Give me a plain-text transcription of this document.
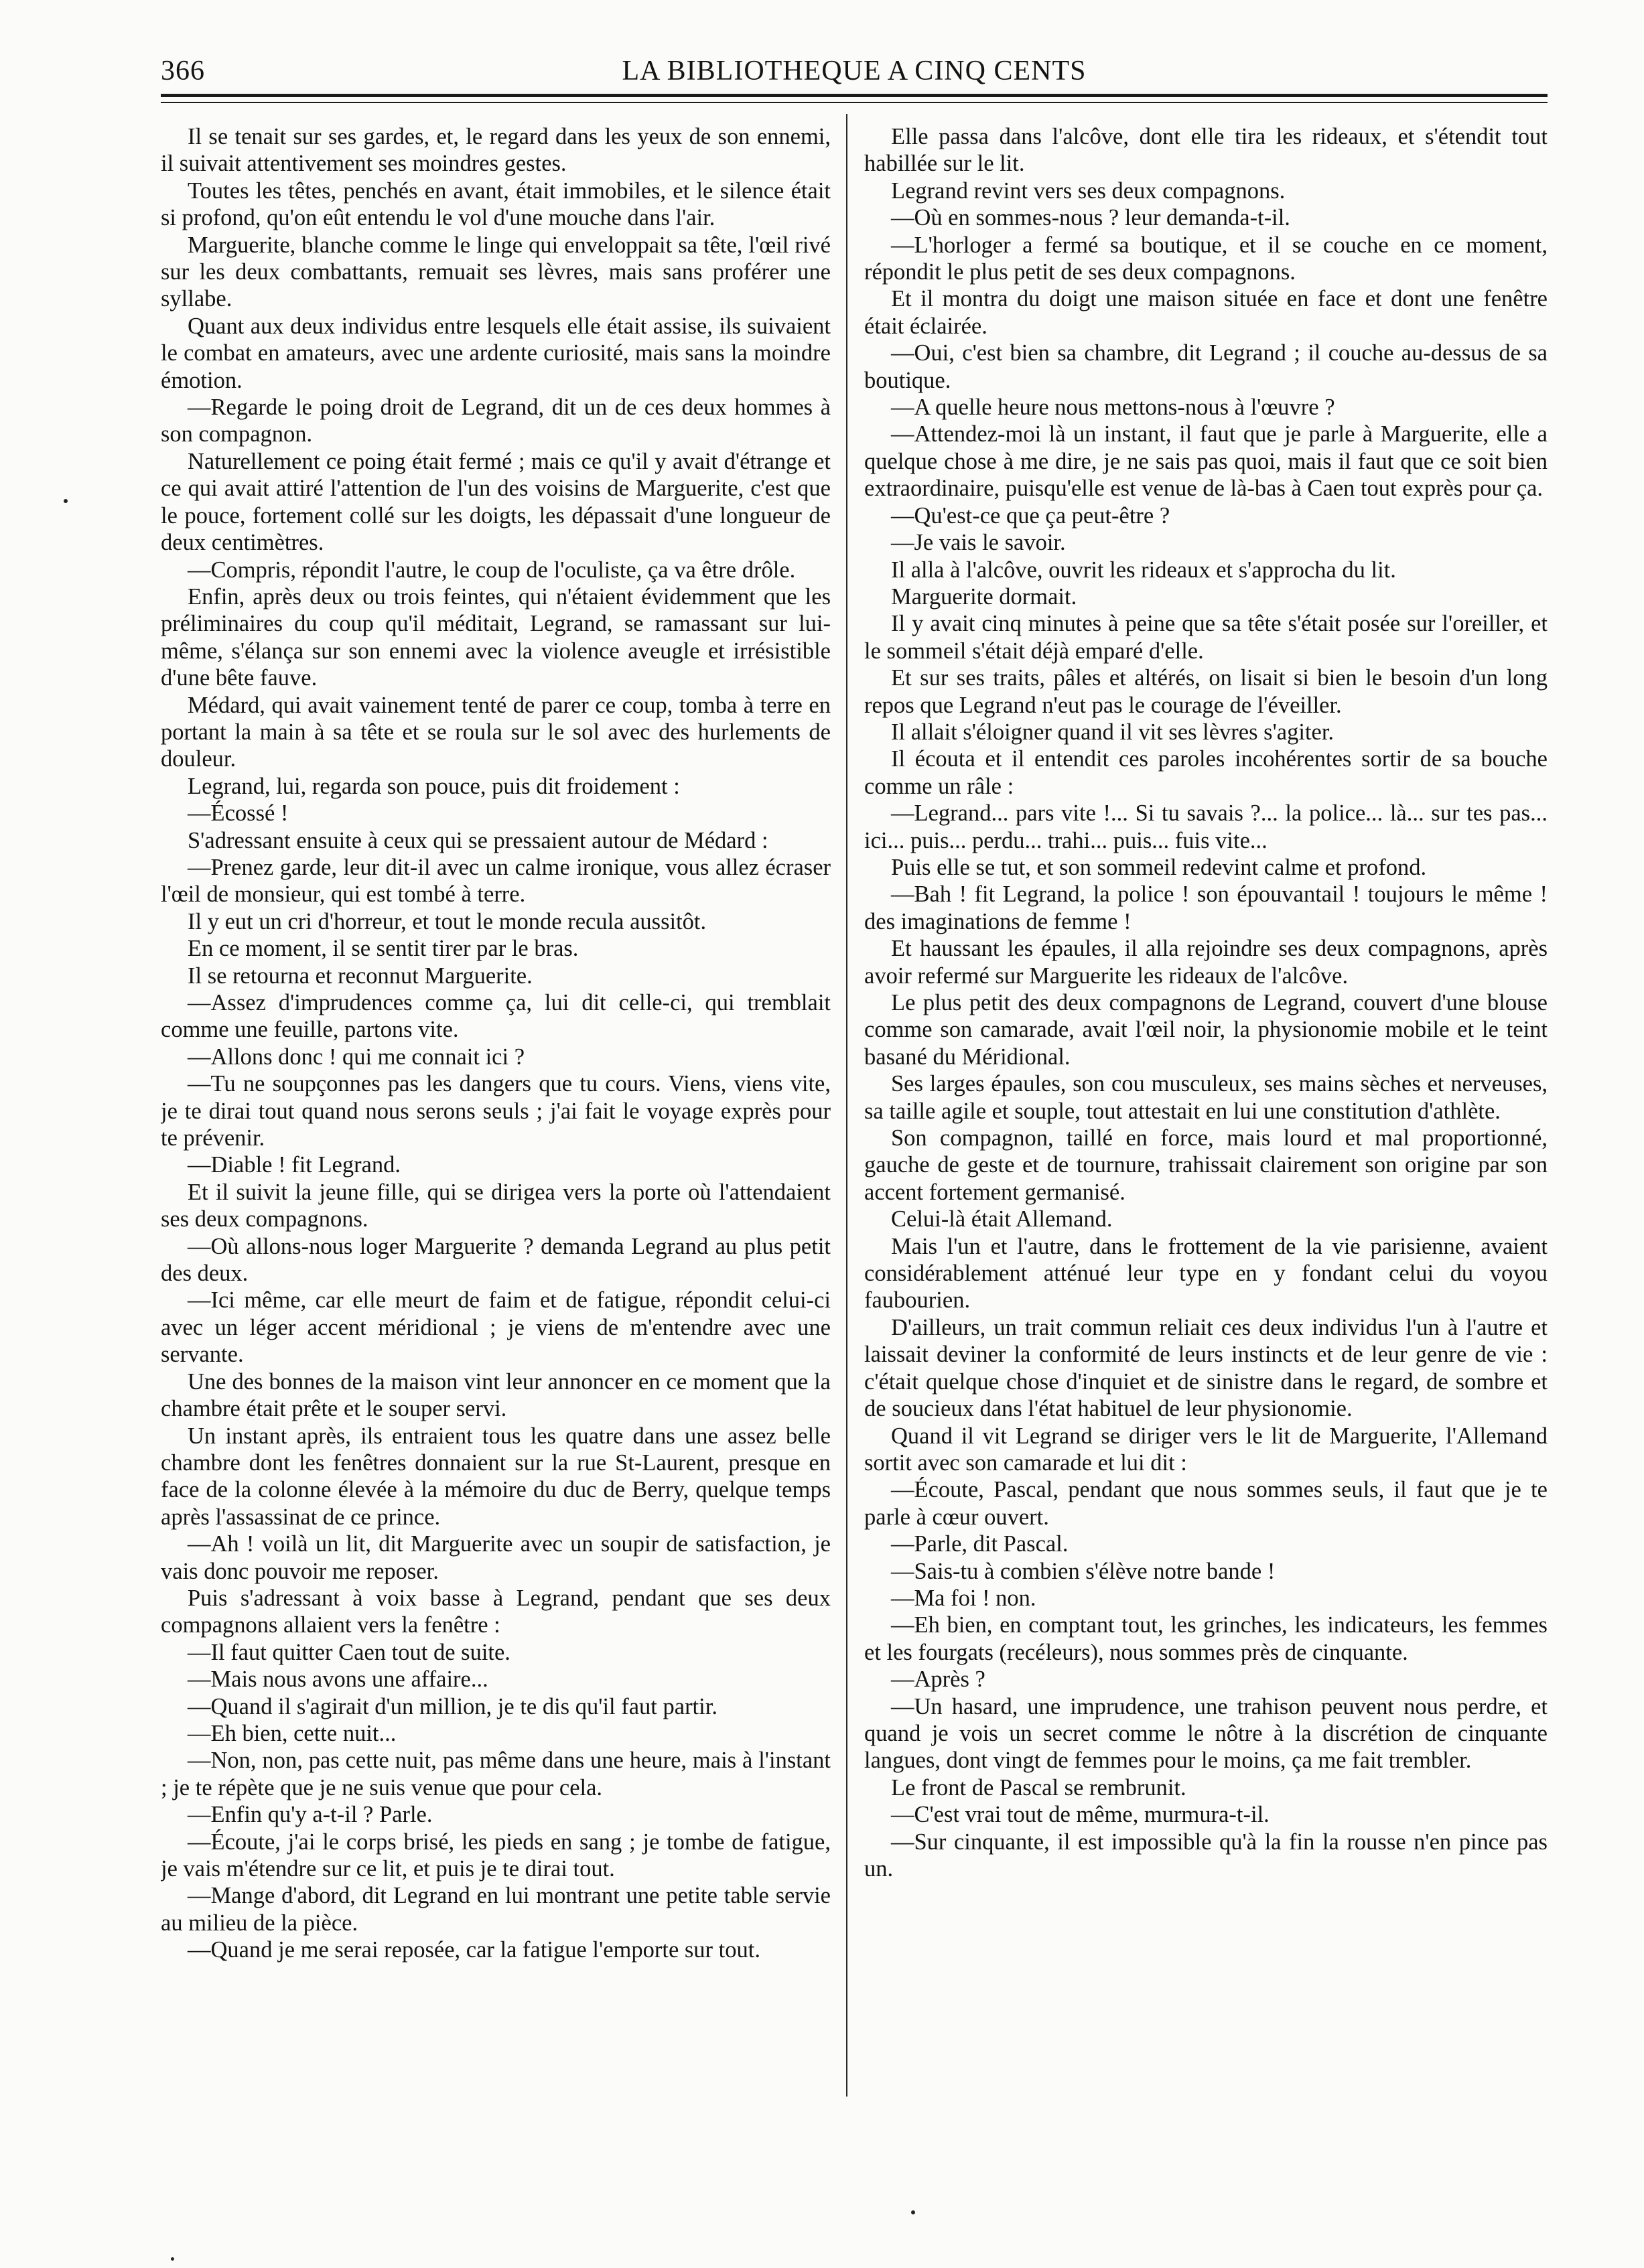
366	LA BIBLIOTHEQUE A CINQ CENTS

Il se tenait sur ses gardes, et, le regard dans les yeux de son ennemi, il suivait attentivement ses moindres gestes.

Toutes les têtes, penchés en avant, était immobiles, et le silence était si profond, qu'on eût entendu le vol d'une mouche dans l'air.

Marguerite, blanche comme le linge qui enveloppait sa tête, l'œil rivé sur les deux combattants, remuait ses lèvres, mais sans proférer une syllabe.

Quant aux deux individus entre lesquels elle était assise, ils suivaient le combat en amateurs, avec une ardente curiosité, mais sans la moindre émotion.

—Regarde le poing droit de Legrand, dit un de ces deux hommes à son compagnon.

Naturellement ce poing était fermé ; mais ce qu'il y avait d'étrange et ce qui avait attiré l'attention de l'un des voisins de Marguerite, c'est que le pouce, fortement collé sur les doigts, les dépassait d'une longueur de deux centimètres.

—Compris, répondit l'autre, le coup de l'oculiste, ça va être drôle.

Enfin, après deux ou trois feintes, qui n'étaient évidemment que les préliminaires du coup qu'il méditait, Legrand, se ramassant sur lui-même, s'élança sur son ennemi avec la violence aveugle et irrésistible d'une bête fauve.

Médard, qui avait vainement tenté de parer ce coup, tomba à terre en portant la main à sa tête et se roula sur le sol avec des hurlements de douleur.

Legrand, lui, regarda son pouce, puis dit froidement :

—Écossé !

S'adressant ensuite à ceux qui se pressaient autour de Médard :

—Prenez garde, leur dit-il avec un calme ironique, vous allez écraser l'œil de monsieur, qui est tombé à terre.

Il y eut un cri d'horreur, et tout le monde recula aussitôt.

En ce moment, il se sentit tirer par le bras.

Il se retourna et reconnut Marguerite.

—Assez d'imprudences comme ça, lui dit celle-ci, qui tremblait comme une feuille, partons vite.

—Allons donc ! qui me connait ici ?

—Tu ne soupçonnes pas les dangers que tu cours. Viens, viens vite, je te dirai tout quand nous serons seuls ; j'ai fait le voyage exprès pour te prévenir.

—Diable ! fit Legrand.

Et il suivit la jeune fille, qui se dirigea vers la porte où l'attendaient ses deux compagnons.

—Où allons-nous loger Marguerite ? demanda Legrand au plus petit des deux.

—Ici même, car elle meurt de faim et de fatigue, répondit celui-ci avec un léger accent méridional ; je viens de m'entendre avec une servante.

Une des bonnes de la maison vint leur annoncer en ce moment que la chambre était prête et le souper servi.

Un instant après, ils entraient tous les quatre dans une assez belle chambre dont les fenêtres donnaient sur la rue St-Laurent, presque en face de la colonne élevée à la mémoire du duc de Berry, quelque temps après l'assassinat de ce prince.

—Ah ! voilà un lit, dit Marguerite avec un soupir de satisfaction, je vais donc pouvoir me reposer.

Puis s'adressant à voix basse à Legrand, pendant que ses deux compagnons allaient vers la fenêtre :

—Il faut quitter Caen tout de suite.

—Mais nous avons une affaire...

—Quand il s'agirait d'un million, je te dis qu'il faut partir.

—Eh bien, cette nuit...

—Non, non, pas cette nuit, pas même dans une heure, mais à l'instant ; je te répète que je ne suis venue que pour cela.

—Enfin qu'y a-t-il ? Parle.

—Écoute, j'ai le corps brisé, les pieds en sang ; je tombe de fatigue, je vais m'étendre sur ce lit, et puis je te dirai tout.

—Mange d'abord, dit Legrand en lui montrant une petite table servie au milieu de la pièce.

—Quand je me serai reposée, car la fatigue l'emporte sur tout.

Elle passa dans l'alcôve, dont elle tira les rideaux, et s'étendit tout habillée sur le lit.

Legrand revint vers ses deux compagnons.

—Où en sommes-nous ? leur demanda-t-il.

—L'horloger a fermé sa boutique, et il se couche en ce moment, répondit le plus petit de ses deux compagnons.

Et il montra du doigt une maison située en face et dont une fenêtre était éclairée.

—Oui, c'est bien sa chambre, dit Legrand ; il couche au-dessus de sa boutique.

—A quelle heure nous mettons-nous à l'œuvre ?

—Attendez-moi là un instant, il faut que je parle à Marguerite, elle a quelque chose à me dire, je ne sais pas quoi, mais il faut que ce soit bien extraordinaire, puisqu'elle est venue de là-bas à Caen tout exprès pour ça.

—Qu'est-ce que ça peut-être ?

—Je vais le savoir.

Il alla à l'alcôve, ouvrit les rideaux et s'approcha du lit.

Marguerite dormait.

Il y avait cinq minutes à peine que sa tête s'était posée sur l'oreiller, et le sommeil s'était déjà emparé d'elle.

Et sur ses traits, pâles et altérés, on lisait si bien le besoin d'un long repos que Legrand n'eut pas le courage de l'éveiller.

Il allait s'éloigner quand il vit ses lèvres s'agiter.

Il écouta et il entendit ces paroles incohérentes sortir de sa bouche comme un râle :

—Legrand... pars vite !... Si tu savais ?... la police... là... sur tes pas... ici... puis... perdu... trahi... puis... fuis vite...

Puis elle se tut, et son sommeil redevint calme et profond.

—Bah ! fit Legrand, la police ! son épouvantail ! toujours le même ! des imaginations de femme !

Et haussant les épaules, il alla rejoindre ses deux compagnons, après avoir refermé sur Marguerite les rideaux de l'alcôve.

Le plus petit des deux compagnons de Legrand, couvert d'une blouse comme son camarade, avait l'œil noir, la physionomie mobile et le teint basané du Méridional.

Ses larges épaules, son cou musculeux, ses mains sèches et nerveuses, sa taille agile et souple, tout attestait en lui une constitution d'athlète.

Son compagnon, taillé en force, mais lourd et mal proportionné, gauche de geste et de tournure, trahissait clairement son origine par son accent fortement germanisé.

Celui-là était Allemand.

Mais l'un et l'autre, dans le frottement de la vie parisienne, avaient considérablement atténué leur type en y fondant celui du voyou faubourien.

D'ailleurs, un trait commun reliait ces deux individus l'un à l'autre et laissait deviner la conformité de leurs instincts et de leur genre de vie : c'était quelque chose d'inquiet et de sinistre dans le regard, de sombre et de soucieux dans l'état habituel de leur physionomie.

Quand il vit Legrand se diriger vers le lit de Marguerite, l'Allemand sortit avec son camarade et lui dit :

—Écoute, Pascal, pendant que nous sommes seuls, il faut que je te parle à cœur ouvert.

—Parle, dit Pascal.

—Sais-tu à combien s'élève notre bande !

—Ma foi ! non.

—Eh bien, en comptant tout, les grinches, les indicateurs, les femmes et les fourgats (recéleurs), nous sommes près de cinquante.

—Après ?

—Un hasard, une imprudence, une trahison peuvent nous perdre, et quand je vois un secret comme le nôtre à la discrétion de cinquante langues, dont vingt de femmes pour le moins, ça me fait trembler.

Le front de Pascal se rembrunit.

—C'est vrai tout de même, murmura-t-il.

—Sur cinquante, il est impossible qu'à la fin la rousse n'en pince pas un.
